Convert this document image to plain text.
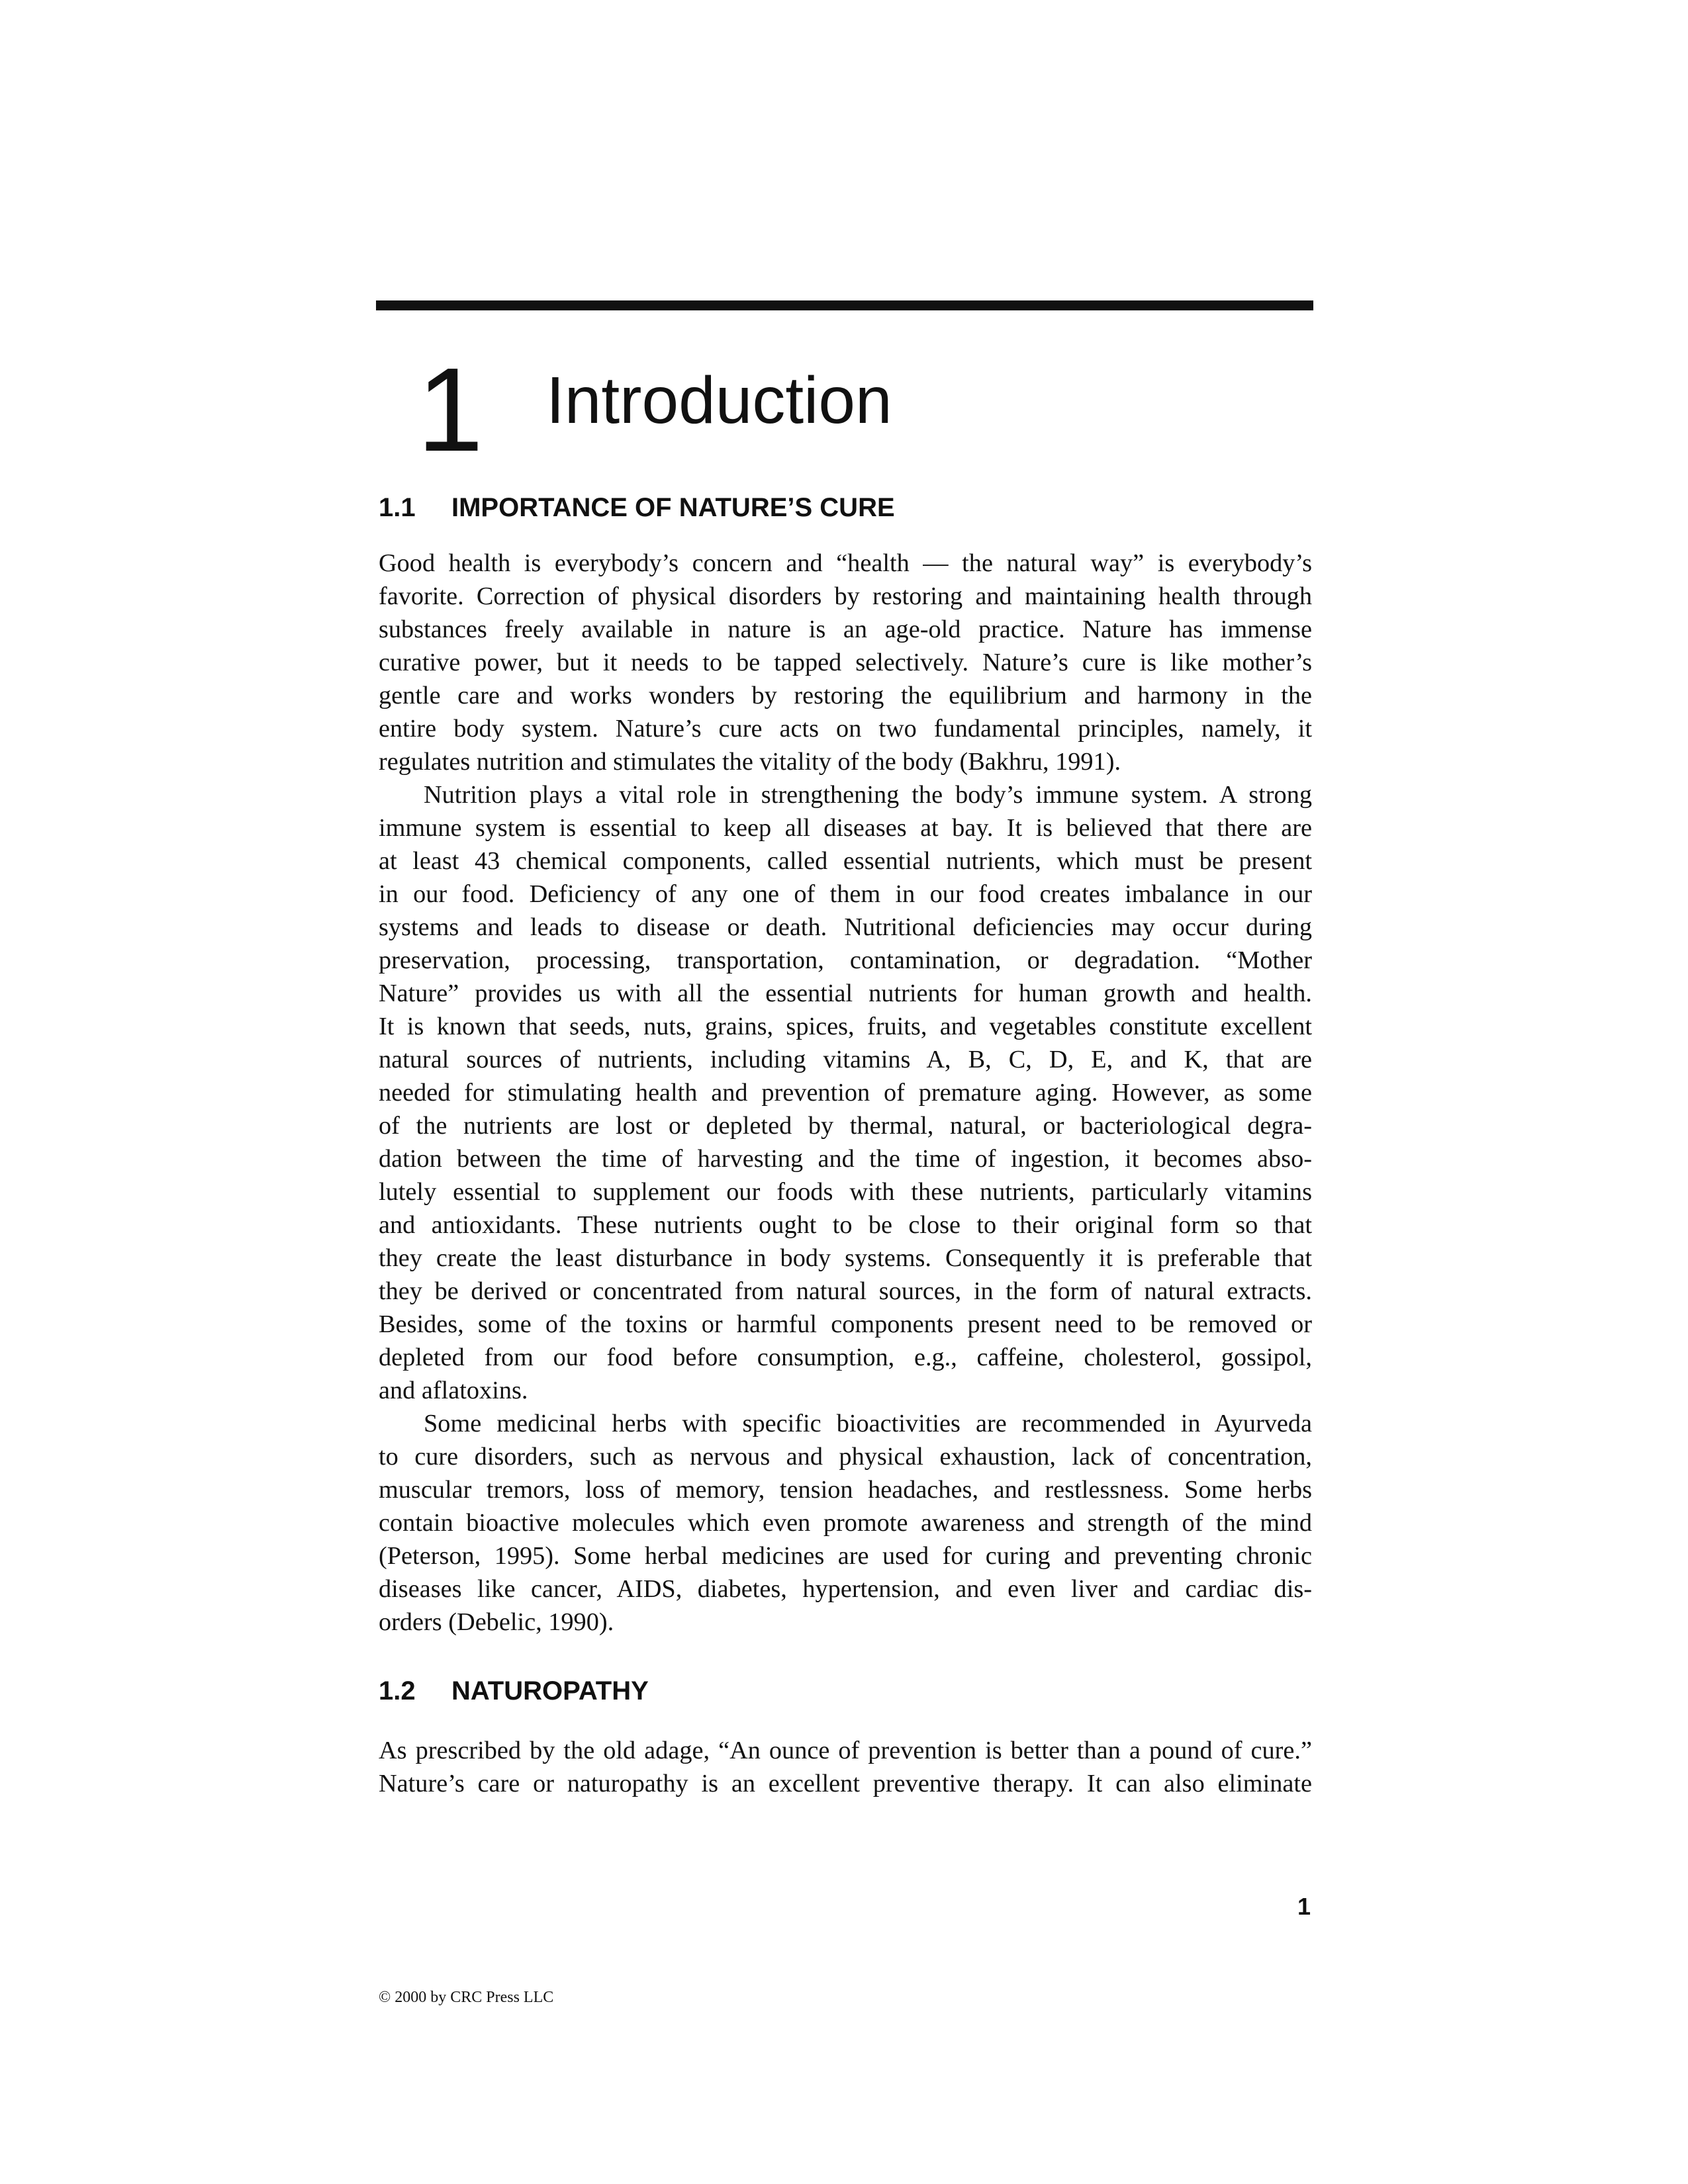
1 Introduction
1.1 IMPORTANCE OF NATURE’S CURE

Good health is everybody’s concern and “health — the natural way” is everybody’s

favorite. Correction of physical disorders by restoring and maintaining health through

substances freely available in nature is an age-old practice. Nature has immense

curative power, but it needs to be tapped selectively. Nature’s cure is like mother’s

gentle care and works wonders by restoring the equilibrium and harmony in the

entire body system. Nature’s cure acts on two fundamental principles, namely, it

regulates nutrition and stimulates the vitality of the body (Bakhru, 1991).

Nutrition plays a vital role in strengthening the body’s immune system. A strong

immune system is essential to keep all diseases at bay. It is believed that there are

at least 43 chemical components, called essential nutrients, which must be present

in our food. Deficiency of any one of them in our food creates imbalance in our

systems and leads to disease or death. Nutritional deficiencies may occur during

preservation, processing, transportation, contamination, or degradation. “Mother

Nature” provides us with all the essential nutrients for human growth and health.

It is known that seeds, nuts, grains, spices, fruits, and vegetables constitute excellent

natural sources of nutrients, including vitamins A, B, C, D, E, and K, that are

needed for stimulating health and prevention of premature aging. However, as some

of the nutrients are lost or depleted by thermal, natural, or bacteriological degra-

dation between the time of harvesting and the time of ingestion, it becomes abso-

lutely essential to supplement our foods with these nutrients, particularly vitamins

and antioxidants. These nutrients ought to be close to their original form so that

they create the least disturbance in body systems. Consequently it is preferable that

they be derived or concentrated from natural sources, in the form of natural extracts.

Besides, some of the toxins or harmful components present need to be removed or

depleted from our food before consumption, e.g., caffeine, cholesterol, gossipol,

and aflatoxins.

Some medicinal herbs with specific bioactivities are recommended in Ayurveda

to cure disorders, such as nervous and physical exhaustion, lack of concentration,

muscular tremors, loss of memory, tension headaches, and restlessness. Some herbs

contain bioactive molecules which even promote awareness and strength of the mind

(Peterson, 1995). Some herbal medicines are used for curing and preventing chronic

diseases like cancer, AIDS, diabetes, hypertension, and even liver and cardiac dis-

orders (Debelic, 1990).

1.2 NATUROPATHY

As prescribed by the old adage, “An ounce of prevention is better than a pound of cure.”

Nature’s care or naturopathy is an excellent preventive therapy. It can also eliminate

1
© 2000 by CRC Press LLC
